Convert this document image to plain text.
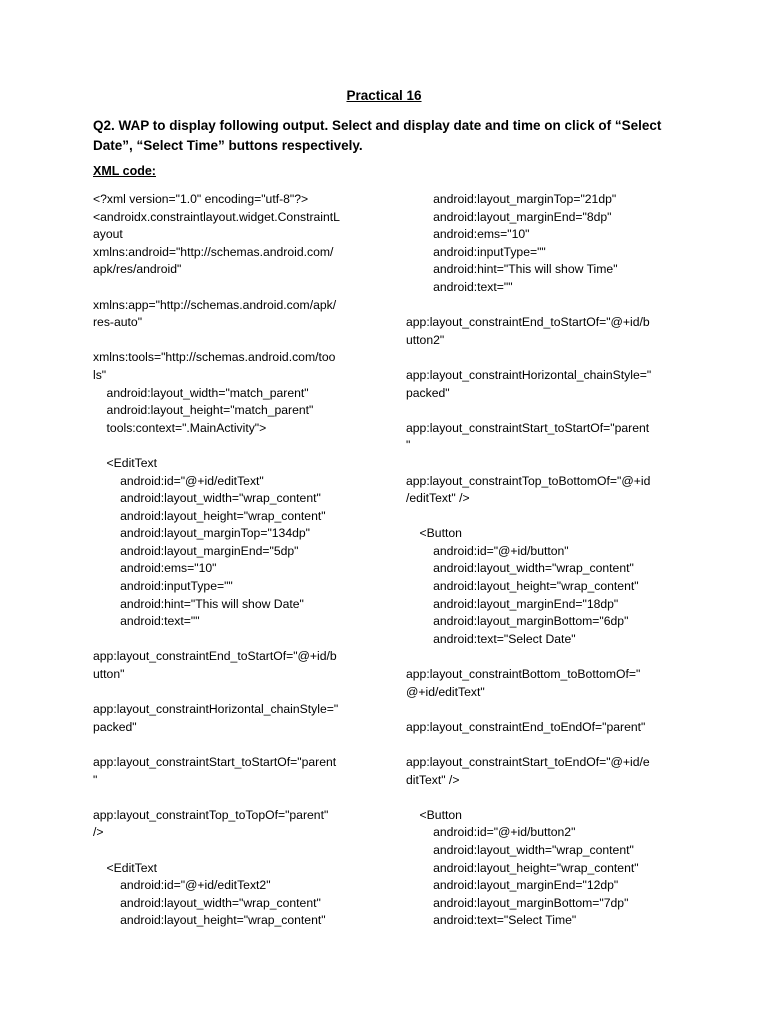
Practical 16
Q2. WAP to display following output. Select and display date and time on click of “Select Date”, “Select Time” buttons respectively.
XML code:
<?xml version="1.0" encoding="utf-8"?>
<androidx.constraintlayout.widget.ConstraintL
ayout
xmlns:android="http://schemas.android.com/
apk/res/android"
xmlns:app="http://schemas.android.com/apk/
res-auto"
xmlns:tools="http://schemas.android.com/too
ls"
android:layout_width="match_parent"
android:layout_height="match_parent"
tools:context=".MainActivity">
<EditText
android:id="@+id/editText"
android:layout_width="wrap_content"
android:layout_height="wrap_content"
android:layout_marginTop="134dp"
android:layout_marginEnd="5dp"
android:ems="10"
android:inputType=""
android:hint="This will show Date"
android:text=""
app:layout_constraintEnd_toStartOf="@+id/b
utton"
app:layout_constraintHorizontal_chainStyle="
packed"
app:layout_constraintStart_toStartOf="parent
"
app:layout_constraintTop_toTopOf="parent"
/>
<EditText
android:id="@+id/editText2"
android:layout_width="wrap_content"
android:layout_height="wrap_content"
android:layout_marginTop="21dp"
android:layout_marginEnd="8dp"
android:ems="10"
android:inputType=""
android:hint="This will show Time"
android:text=""
app:layout_constraintEnd_toStartOf="@+id/b
utton2"
app:layout_constraintHorizontal_chainStyle="
packed"
app:layout_constraintStart_toStartOf="parent
"
app:layout_constraintTop_toBottomOf="@+id
/editText" />
<Button
android:id="@+id/button"
android:layout_width="wrap_content"
android:layout_height="wrap_content"
android:layout_marginEnd="18dp"
android:layout_marginBottom="6dp"
android:text="Select Date"
app:layout_constraintBottom_toBottomOf="
@+id/editText"
app:layout_constraintEnd_toEndOf="parent"
app:layout_constraintStart_toEndOf="@+id/e
ditText" />
<Button
android:id="@+id/button2"
android:layout_width="wrap_content"
android:layout_height="wrap_content"
android:layout_marginEnd="12dp"
android:layout_marginBottom="7dp"
android:text="Select Time"
